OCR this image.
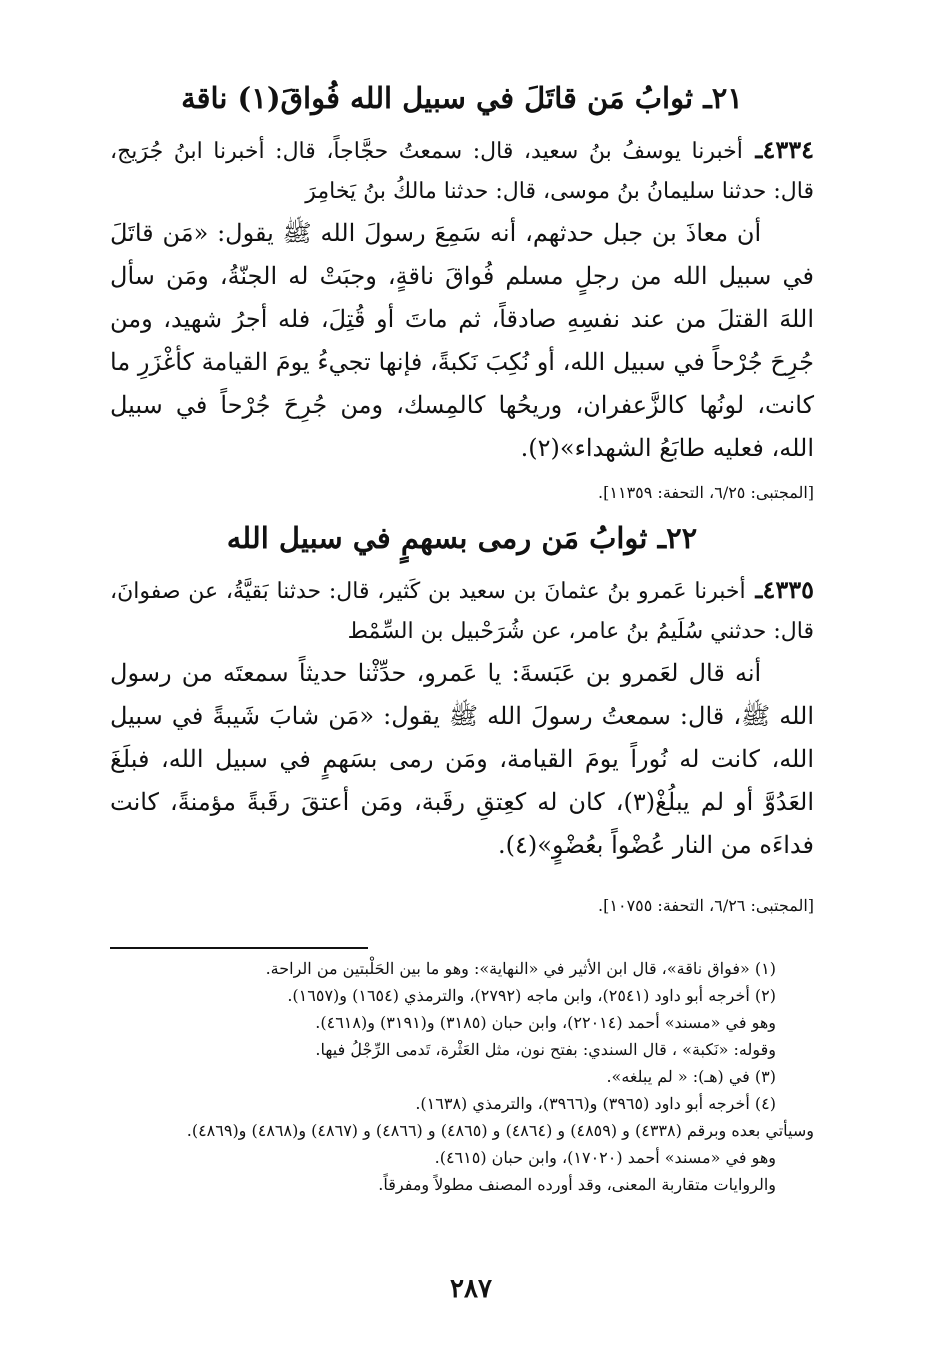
٢١ـ ثوابُ مَن قاتَلَ في سبيل الله فُواقَ(١) ناقة

٤٣٣٤ـ أخبرنا يوسفُ بنُ سعيد، قال: سمعتُ حجَّاجاً، قال: أخبرنا ابنُ جُرَيج، قال: حدثنا سليمانُ بنُ موسى، قال: حدثنا مالكُ بنُ يَخامِرَ

أن معاذَ بن جبل حدثهم، أنه سَمِعَ رسولَ الله ﷺ يقول: «مَن قاتَلَ في سبيل الله من رجلٍ مسلم فُواقَ ناقةٍ، وجبَتْ له الجنّةُ، ومَن سأل اللهَ القتلَ من عند نفسِهِ صادقاً، ثم ماتَ أو قُتِلَ، فله أجرُ شهيد، ومن جُرِحَ جُرْحاً في سبيل الله، أو نُكِبَ نَكبةً، فإنها تجيءُ يومَ القيامة كأغْزَرِ ما كانت، لونُها كالزَّعفران، وريحُها كالمِسك، ومن جُرِحَ جُرْحاً في سبيل الله، فعليه طابَعُ الشهداء»(٢).

[المجتبى: ٦/٢٥، التحفة: ١١٣٥٩].

٢٢ـ ثوابُ مَن رمى بسهمٍ في سبيل الله

٤٣٣٥ـ أخبرنا عَمرو بنُ عثمانَ بن سعيد بن كَثير، قال: حدثنا بَقيَّةُ، عن صفوانَ، قال: حدثني سُلَيمُ بنُ عامر، عن شُرَحْبيل بن السِّمْط

أنه قال لعَمرو بن عَبَسةَ: يا عَمرو، حدِّثْنا حديثاً سمعتَه من رسول الله ﷺ، قال: سمعتُ رسولَ الله ﷺ يقول: «مَن شابَ شَيبةً في سبيل الله، كانت له نُوراً يومَ القيامة، ومَن رمى بسَهمٍ في سبيل الله، فبلَغَ العَدُوَّ أو لم يبلُغْ(٣)، كان له كعِتقِ رقَبة، ومَن أعتقَ رقَبةً مؤمنةً، كانت فداءَه من النار عُضْواً بعُضْوٍ»(٤).

[المجتبى: ٦/٢٦، التحفة: ١٠٧٥٥].

(١) «فواق ناقة»، قال ابن الأثير في «النهاية»: وهو ما بين الحَلْبتين من الراحة.

(٢) أخرجه أبو داود (٢٥٤١)، وابن ماجه (٢٧٩٢)، والترمذي (١٦٥٤) و(١٦٥٧).

وهو في «مسند» أحمد (٢٢٠١٤)، وابن حبان (٣١٨٥) و(٣١٩١) و(٤٦١٨).

وقوله: «نَكبة» ، قال السندي: بفتح نون، مثل العَثْرة، تَدمى الرِّجْلُ فيها.

(٣) في (هـ): « لم يبلغه».

(٤) أخرجه أبو داود (٣٩٦٥) و(٣٩٦٦)، والترمذي (١٦٣٨).

وسيأتي بعده وبرقم (٤٣٣٨) و (٤٨٥٩) و (٤٨٦٤) و (٤٨٦٥) و (٤٨٦٦) و (٤٨٦٧) و(٤٨٦٨) و(٤٨٦٩).

وهو في «مسند» أحمد (١٧٠٢٠)، وابن حبان (٤٦١٥).

والروايات متقاربة المعنى، وقد أورده المصنف مطولاً ومفرقاً.

٢٨٧
